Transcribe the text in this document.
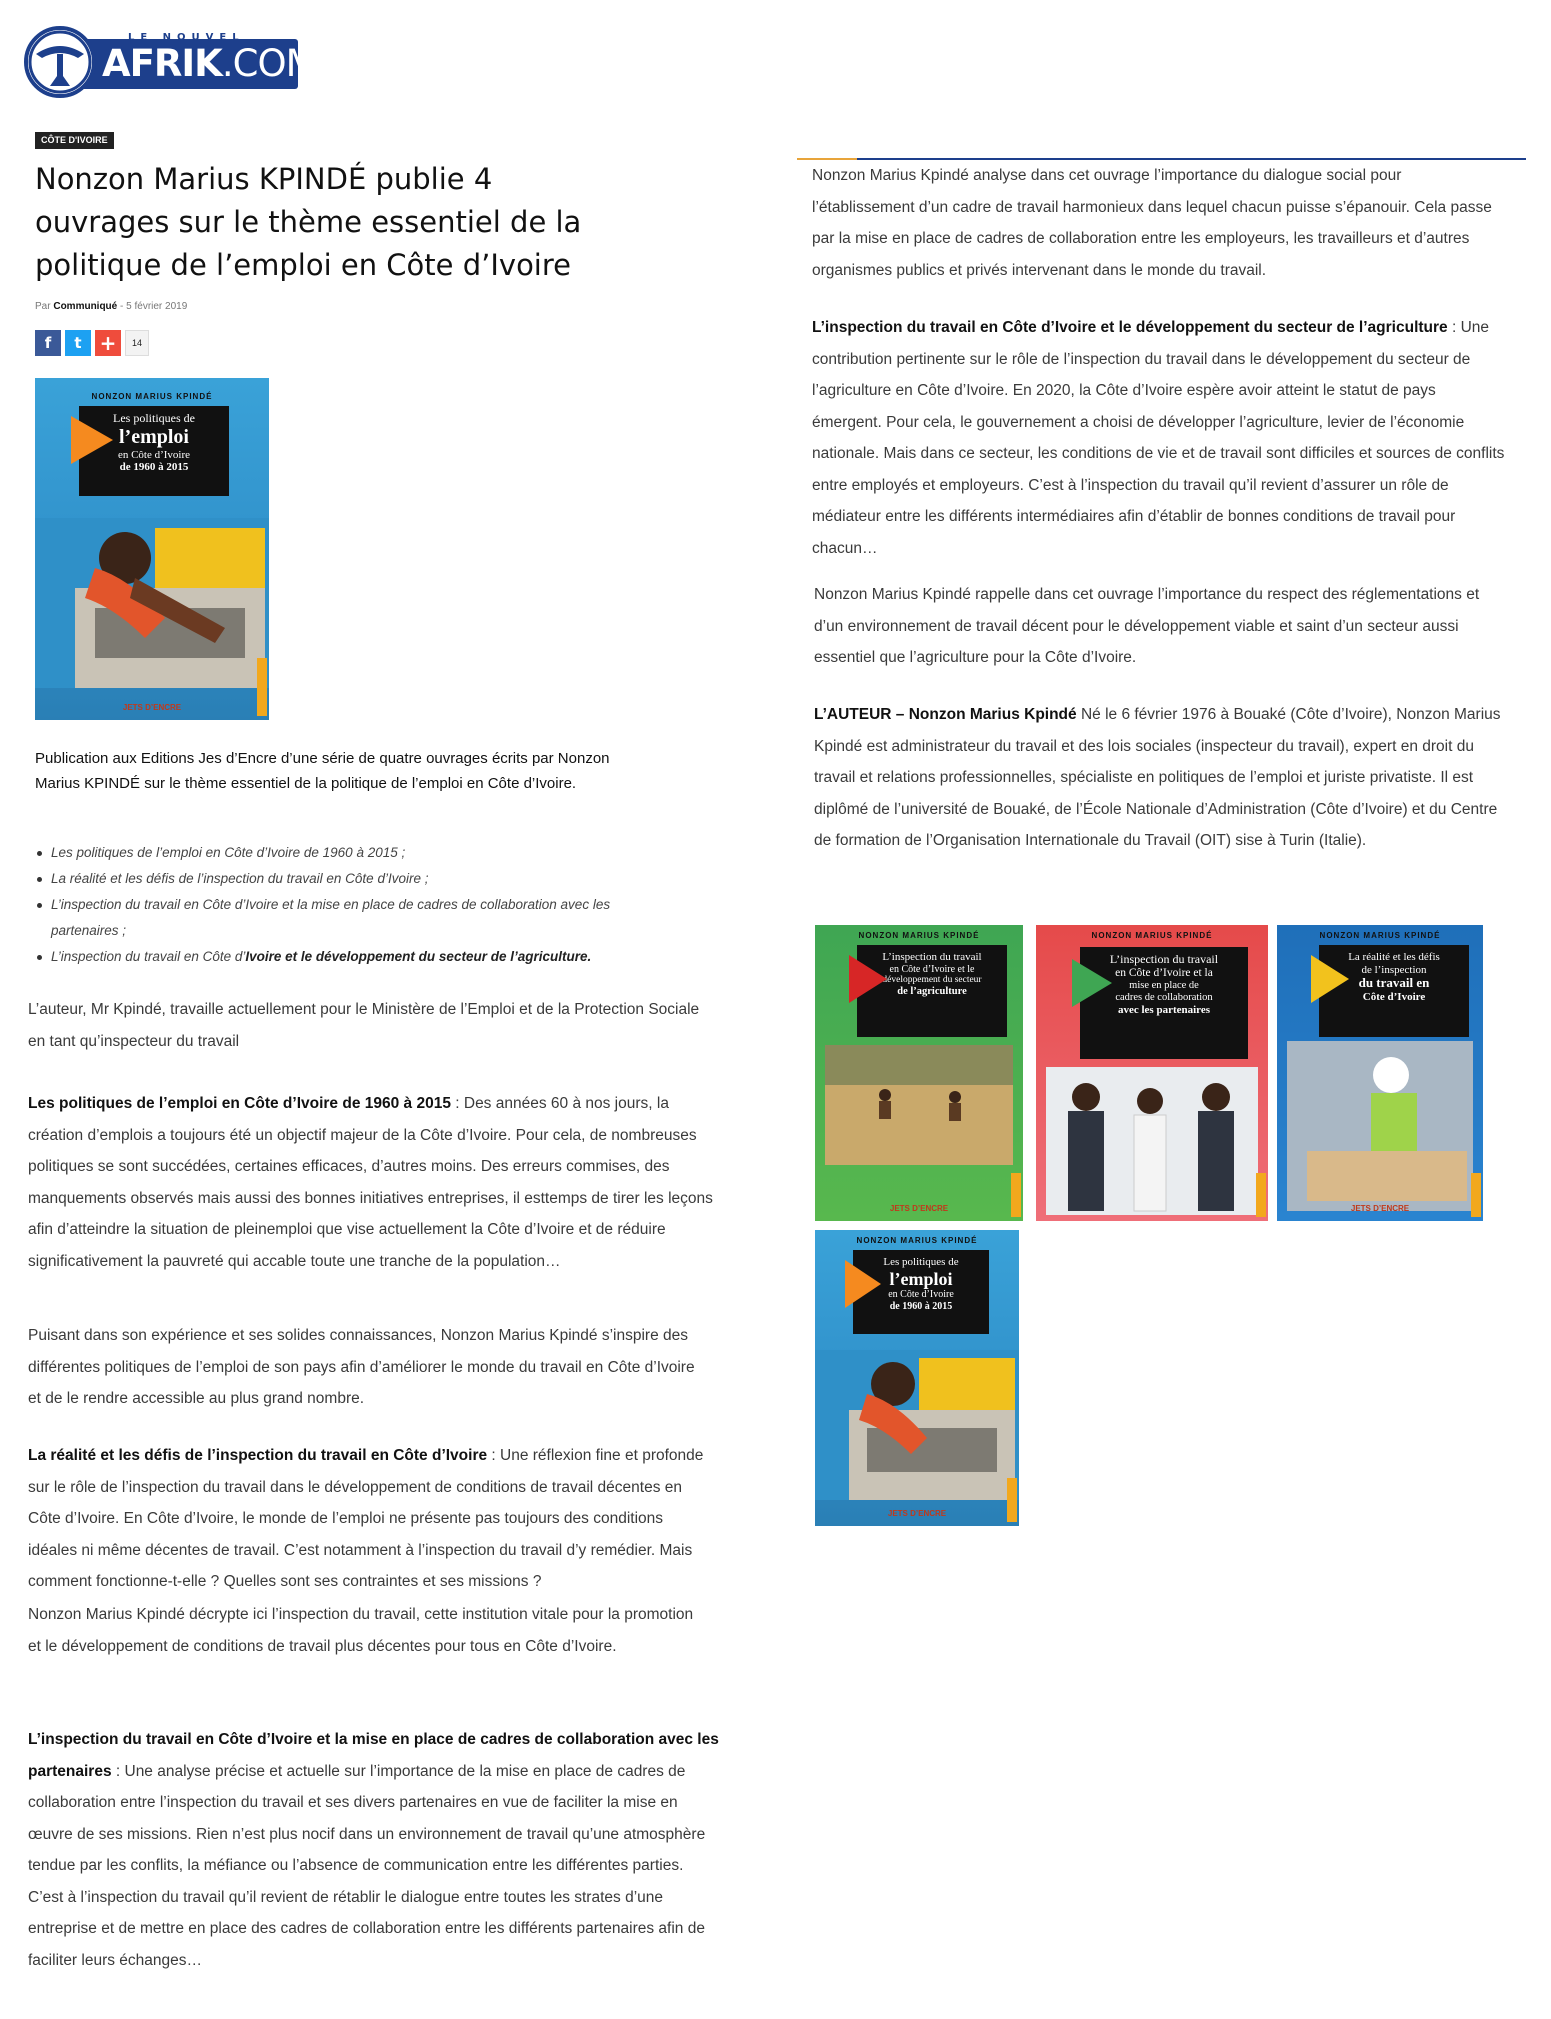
LE NOUVEL
AFRIK.COM
CÔTE D'IVOIRE
Nonzon Marius KPINDÉ publie 4 ouvrages sur le thème essentiel de la politique de l’emploi en Côte d’Ivoire
Par Communiqué - 5 février 2019
f	t +	14
NONZON MARIUS KPINDÉ
Les politiques de
l’emploi
en Côte d’Ivoire
de 1960 à 2015
JETS D’ENCRE

Publication aux Editions Jes d’Encre d’une série de quatre ouvrages écrits par Nonzon Marius KPINDÉ sur le thème essentiel de la politique de l’emploi en Côte d’Ivoire.

Les politiques de l’emploi en Côte d’Ivoire de 1960 à 2015 ;
La réalité et les défis de l’inspection du travail en Côte d’Ivoire ;
L’inspection du travail en Côte d’Ivoire et la mise en place de cadres de collaboration avec les partenaires ;
L’inspection du travail en Côte d’Ivoire et le développement du secteur de l’agriculture.

L’auteur, Mr Kpindé, travaille actuellement pour le Ministère de l’Emploi et de la Protection Sociale en tant qu’inspecteur du travail

Les politiques de l’emploi en Côte d’Ivoire de 1960 à 2015 : Des années 60 à nos jours, la création d’emplois a toujours été un objectif majeur de la Côte d’Ivoire. Pour cela, de nombreuses politiques se sont succédées, certaines efficaces, d’autres moins. Des erreurs commises, des manquements observés mais aussi des bonnes initiatives entreprises, il esttemps de tirer les leçons afin d’atteindre la situation de pleinemploi que vise actuellement la Côte d’Ivoire et de réduire significativement la pauvreté qui accable toute une tranche de la population…

Puisant dans son expérience et ses solides connaissances, Nonzon Marius Kpindé s’inspire des différentes politiques de l’emploi de son pays afin d’améliorer le monde du travail en Côte d’Ivoire et de le rendre accessible au plus grand nombre.

La réalité et les défis de l’inspection du travail en Côte d’Ivoire : Une réflexion fine et profonde sur le rôle de l’inspection du travail dans le développement de conditions de travail décentes en Côte d’Ivoire. En Côte d’Ivoire, le monde de l’emploi ne présente pas toujours des conditions idéales ni même décentes de travail. C’est notamment à l’inspection du travail d’y remédier. Mais comment fonctionne-t-elle ? Quelles sont ses contraintes et ses missions ?

Nonzon Marius Kpindé décrypte ici l’inspection du travail, cette institution vitale pour la promotion et le développement de conditions de travail plus décentes pour tous en Côte d’Ivoire.

L’inspection du travail en Côte d’Ivoire et la mise en place de cadres de collaboration avec les partenaires : Une analyse précise et actuelle sur l’importance de la mise en place de cadres de collaboration entre l’inspection du travail et ses divers partenaires en vue de faciliter la mise en œuvre de ses missions. Rien n’est plus nocif dans un environnement de travail qu’une atmosphère tendue par les conflits, la méfiance ou l’absence de communication entre les différentes parties. C’est à l’inspection du travail qu’il revient de rétablir le dialogue entre toutes les strates d’une entreprise et de mettre en place des cadres de collaboration entre les différents partenaires afin de faciliter leurs échanges…

Nonzon Marius Kpindé analyse dans cet ouvrage l’importance du dialogue social pour l’établissement d’un cadre de travail harmonieux dans lequel chacun puisse s’épanouir. Cela passe par la mise en place de cadres de collaboration entre les employeurs, les travailleurs et d’autres organismes publics et privés intervenant dans le monde du travail.

L’inspection du travail en Côte d’Ivoire et le développement du secteur de l’agriculture : Une contribution pertinente sur le rôle de l’inspection du travail dans le développement du secteur de l’agriculture en Côte d’Ivoire. En 2020, la Côte d’Ivoire espère avoir atteint le statut de pays émergent. Pour cela, le gouvernement a choisi de développer l’agriculture, levier de l’économie nationale. Mais dans ce secteur, les conditions de vie et de travail sont difficiles et sources de conflits entre employés et employeurs. C’est à l’inspection du travail qu’il revient d’assurer un rôle de médiateur entre les différents intermédiaires afin d’établir de bonnes conditions de travail pour chacun…

Nonzon Marius Kpindé rappelle dans cet ouvrage l’importance du respect des réglementations et d’un environnement de travail décent pour le développement viable et saint d’un secteur aussi essentiel que l’agriculture pour la Côte d’Ivoire.

L’AUTEUR – Nonzon Marius Kpindé Né le 6 février 1976 à Bouaké (Côte d’Ivoire), Nonzon Marius Kpindé est administrateur du travail et des lois sociales (inspecteur du travail), expert en droit du travail et relations professionnelles, spécialiste en politiques de l’emploi et juriste privatiste. Il est diplômé de l’université de Bouaké, de l’École Nationale d’Administration (Côte d’Ivoire) et du Centre de formation de l’Organisation Internationale du Travail (OIT) sise à Turin (Italie).

NONZON MARIUS KPINDÉ
L’inspection du travail
en Côte d’Ivoire et le
développement du secteur
de l’agriculture
JETS D’ENCRE
NONZON MARIUS KPINDÉ
L’inspection du travail
en Côte d’Ivoire et la
mise en place de
cadres de collaboration
avec les partenaires
NONZON MARIUS KPINDÉ
La réalité et les défis
de l’inspection
du travail en
Côte d’Ivoire
JETS D’ENCRE
NONZON MARIUS KPINDÉ
Les politiques de
l’emploi
en Côte d’Ivoire
de 1960 à 2015
JETS D’ENCRE
